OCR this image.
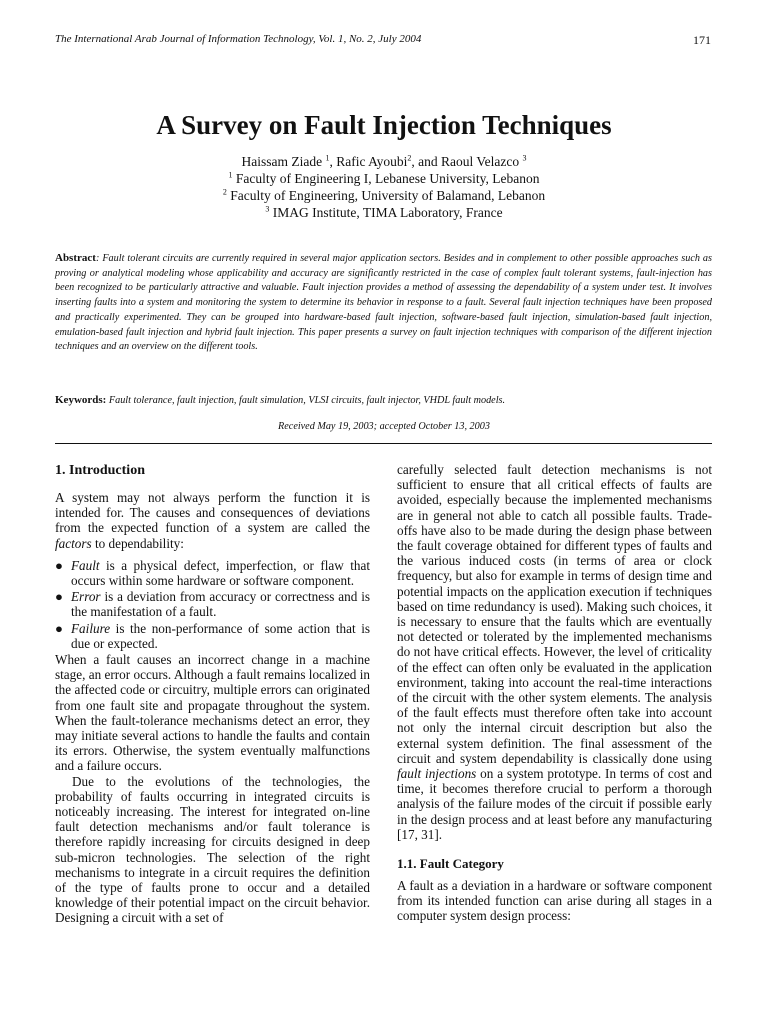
The International Arab Journal of Information Technology, Vol. 1, No. 2, July 2004	171
A Survey on Fault Injection Techniques
Haissam Ziade $^1$, Rafic Ayoubi$^2$, and Raoul Velazco $^3$
$^1$ Faculty of Engineering I, Lebanese University, Lebanon
$^2$ Faculty of Engineering, University of Balamand, Lebanon
$^3$ IMAG Institute, TIMA Laboratory, France
Abstract: Fault tolerant circuits are currently required in several major application sectors. Besides and in complement to other possible approaches such as proving or analytical modeling whose applicability and accuracy are significantly restricted in the case of complex fault tolerant systems, fault-injection has been recognized to be particularly attractive and valuable. Fault injection provides a method of assessing the dependability of a system under test. It involves inserting faults into a system and monitoring the system to determine its behavior in response to a fault. Several fault injection techniques have been proposed and practically experimented. They can be grouped into hardware-based fault injection, software-based fault injection, simulation-based fault injection, emulation-based fault injection and hybrid fault injection. This paper presents a survey on fault injection techniques with comparison of the different injection techniques and an overview on the different tools.
Keywords: Fault tolerance, fault injection, fault simulation, VLSI circuits, fault injector, VHDL fault models.
Received May 19, 2003; accepted October 13, 2003
1. Introduction

A system may not always perform the function it is intended for. The causes and consequences of deviations from the expected function of a system are called the factors to dependability:

● Fault is a physical defect, imperfection, or flaw that occurs within some hardware or software component.
● Error is a deviation from accuracy or correctness and is the manifestation of a fault.
● Failure is the non-performance of some action that is due or expected.

When a fault causes an incorrect change in a machine stage, an error occurs. Although a fault remains localized in the affected code or circuitry, multiple errors can originated from one fault site and propagate throughout the system. When the fault-tolerance mechanisms detect an error, they may initiate several actions to handle the faults and contain its errors. Otherwise, the system eventually malfunctions and a failure occurs.

Due to the evolutions of the technologies, the probability of faults occurring in integrated circuits is noticeably increasing. The interest for integrated on-line fault detection mechanisms and/or fault tolerance is therefore rapidly increasing for circuits designed in deep sub-micron technologies. The selection of the right mechanisms to integrate in a circuit requires the definition of the type of faults prone to occur and a detailed knowledge of their potential impact on the circuit behavior. Designing a circuit with a set of

carefully selected fault detection mechanisms is not sufficient to ensure that all critical effects of faults are avoided, especially because the implemented mechanisms are in general not able to catch all possible faults. Trade-offs have also to be made during the design phase between the fault coverage obtained for different types of faults and the various induced costs (in terms of area or clock frequency, but also for example in terms of design time and potential impacts on the application execution if techniques based on time redundancy is used). Making such choices, it is necessary to ensure that the faults which are eventually not detected or tolerated by the implemented mechanisms do not have critical effects. However, the level of criticality of the effect can often only be evaluated in the application environment, taking into account the real-time interactions of the circuit with the other system elements. The analysis of the fault effects must therefore often take into account not only the internal circuit description but also the external system definition. The final assessment of the circuit and system dependability is classically done using fault injections on a system prototype. In terms of cost and time, it becomes therefore crucial to perform a thorough analysis of the failure modes of the circuit if possible early in the design process and at least before any manufacturing [17, 31].

1.1. Fault Category

A fault as a deviation in a hardware or software component from its intended function can arise during all stages in a computer system design process:
